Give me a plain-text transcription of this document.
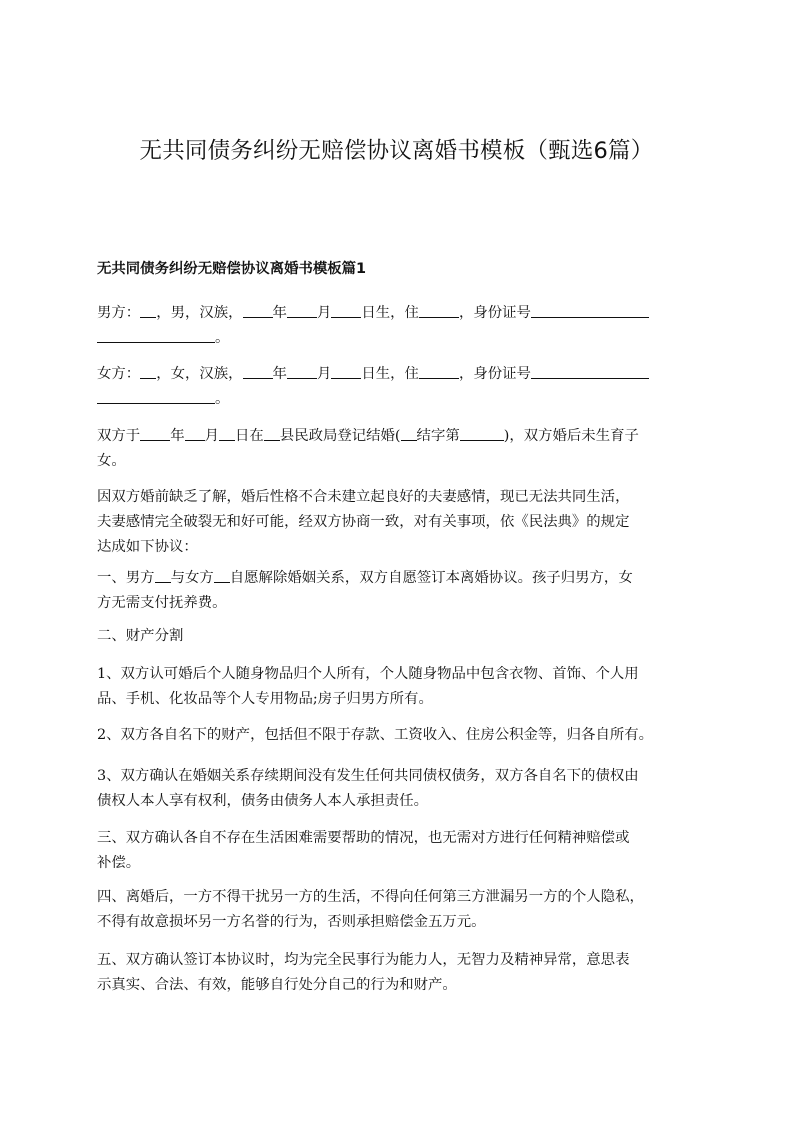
无共同债务纠纷无赔偿协议离婚书模板（甄选6篇）
无共同债务纠纷无赔偿协议离婚书模板篇1
男方： ，男，汉族， 年 月 日生，住	，身份证号
。
女方： ，女，汉族， 年 月 日生，住	，身份证号
。
双方于 年 月 日在 县民政局登记结婚( 结字第	)，双方婚后未生育子
女。
因双方婚前缺乏了解，婚后性格不合未建立起良好的夫妻感情，现已无法共同生活，
夫妻感情完全破裂无和好可能，经双方协商一致，对有关事项，依《民法典》的规定
达成如下协议：
一、男方 与女方 自愿解除婚姻关系，双方自愿签订本离婚协议。孩子归男方，女
方无需支付抚养费。
二、财产分割
1、双方认可婚后个人随身物品归个人所有，个人随身物品中包含衣物、首饰、个人用
品、手机、化妆品等个人专用物品;房子归男方所有。
2、双方各自名下的财产，包括但不限于存款、工资收入、住房公积金等，归各自所有。
3、双方确认在婚姻关系存续期间没有发生任何共同债权债务，双方各自名下的债权由
债权人本人享有权利，债务由债务人本人承担责任。
三、双方确认各自不存在生活困难需要帮助的情况，也无需对方进行任何精神赔偿或
补偿。
四、离婚后，一方不得干扰另一方的生活，不得向任何第三方泄漏另一方的个人隐私，
不得有故意损坏另一方名誉的行为，否则承担赔偿金五万元。
五、双方确认签订本协议时，均为完全民事行为能力人，无智力及精神异常，意思表
示真实、合法、有效，能够自行处分自己的行为和财产。
